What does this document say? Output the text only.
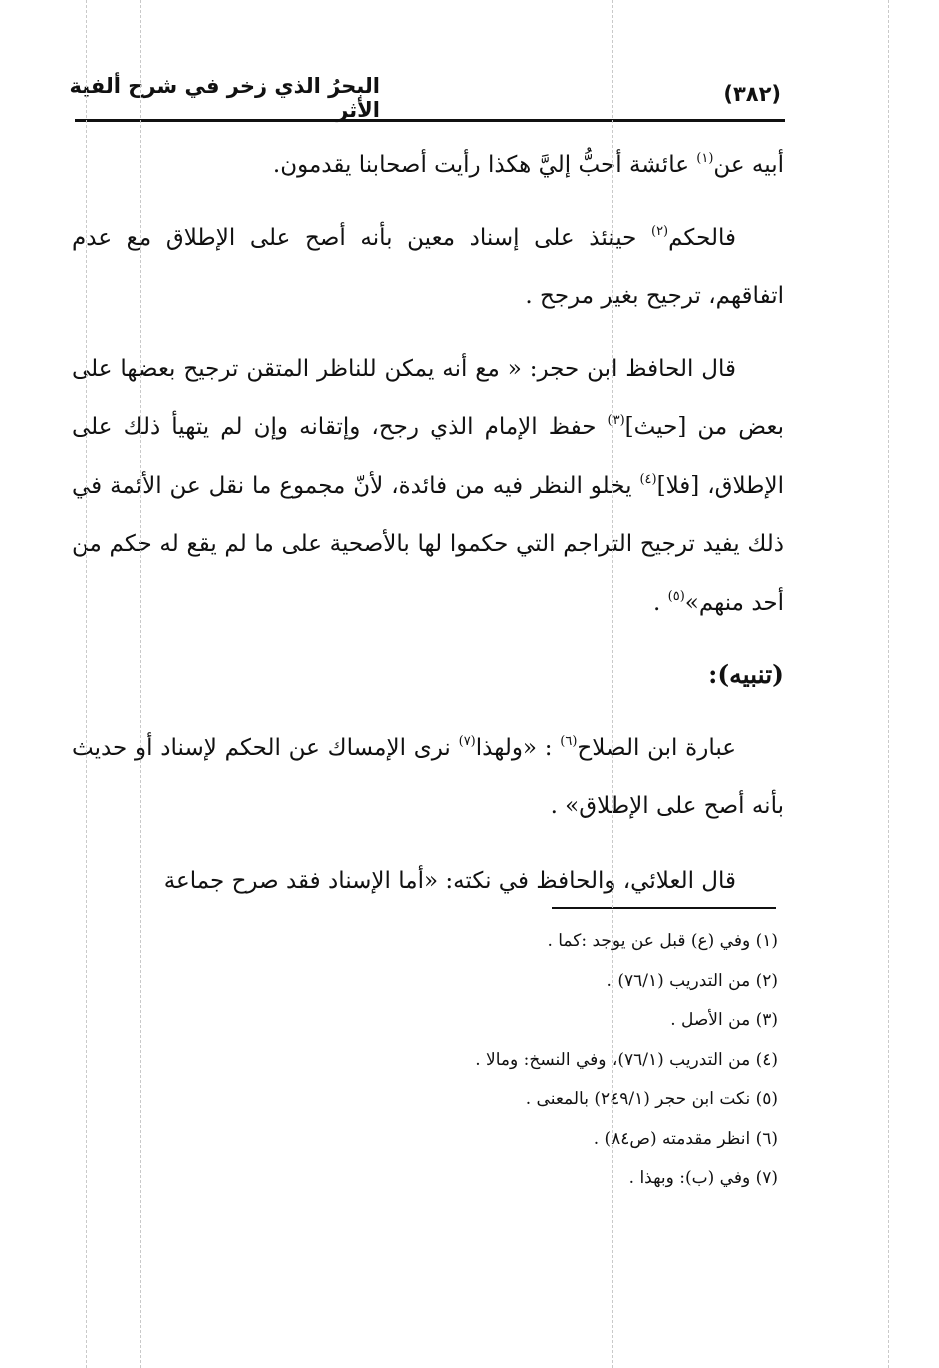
البحرُ الذي زخر في شرح ألفية الأثر
(٣٨٢)

أبيه عن$^{(١)}$ عائشة أحبُّ إليَّ هكذا رأيت أصحابنا يقدمون.

فالحكم$^{(٢)}$ حينئذ على إسناد معين بأنه أصح على الإطلاق مع عدم اتفاقهم، ترجيح بغير مرجح .

قال الحافظ ابن حجر: « مع أنه يمكن للناظر المتقن ترجيح بعضها على بعض من [حيث]$^{(٣)}$ حفظ الإمام الذي رجح، وإتقانه وإن لم يتهيأ ذلك على الإطلاق، [فلا]$^{(٤)}$ يخلو النظر فيه من فائدة، لأنّ مجموع ما نقل عن الأئمة في ذلك يفيد ترجيح التراجم التي حكموا لها بالأصحية على ما لم يقع له حكم من أحد منهم»$^{(٥)}$ .

(تنبيه):

عبارة ابن الصلاح$^{(٦)}$ : «ولهذا$^{(٧)}$ نرى الإمساك عن الحكم لإسناد أو حديث بأنه أصح على الإطلاق» .

قال العلائي، والحافظ في نكته: «أما الإسناد فقد صرح جماعة

(١) وفي (ع) قبل عن يوجد :كما .
(٢) من التدريب (٧٦/١) .
(٣) من الأصل .
(٤) من التدريب (٧٦/١)، وفي النسخ: ومالا .
(٥) نكت ابن حجر (٢٤٩/١) بالمعنى .
(٦) انظر مقدمته (ص٨٤) .
(٧) وفي (ب): وبهذا .
